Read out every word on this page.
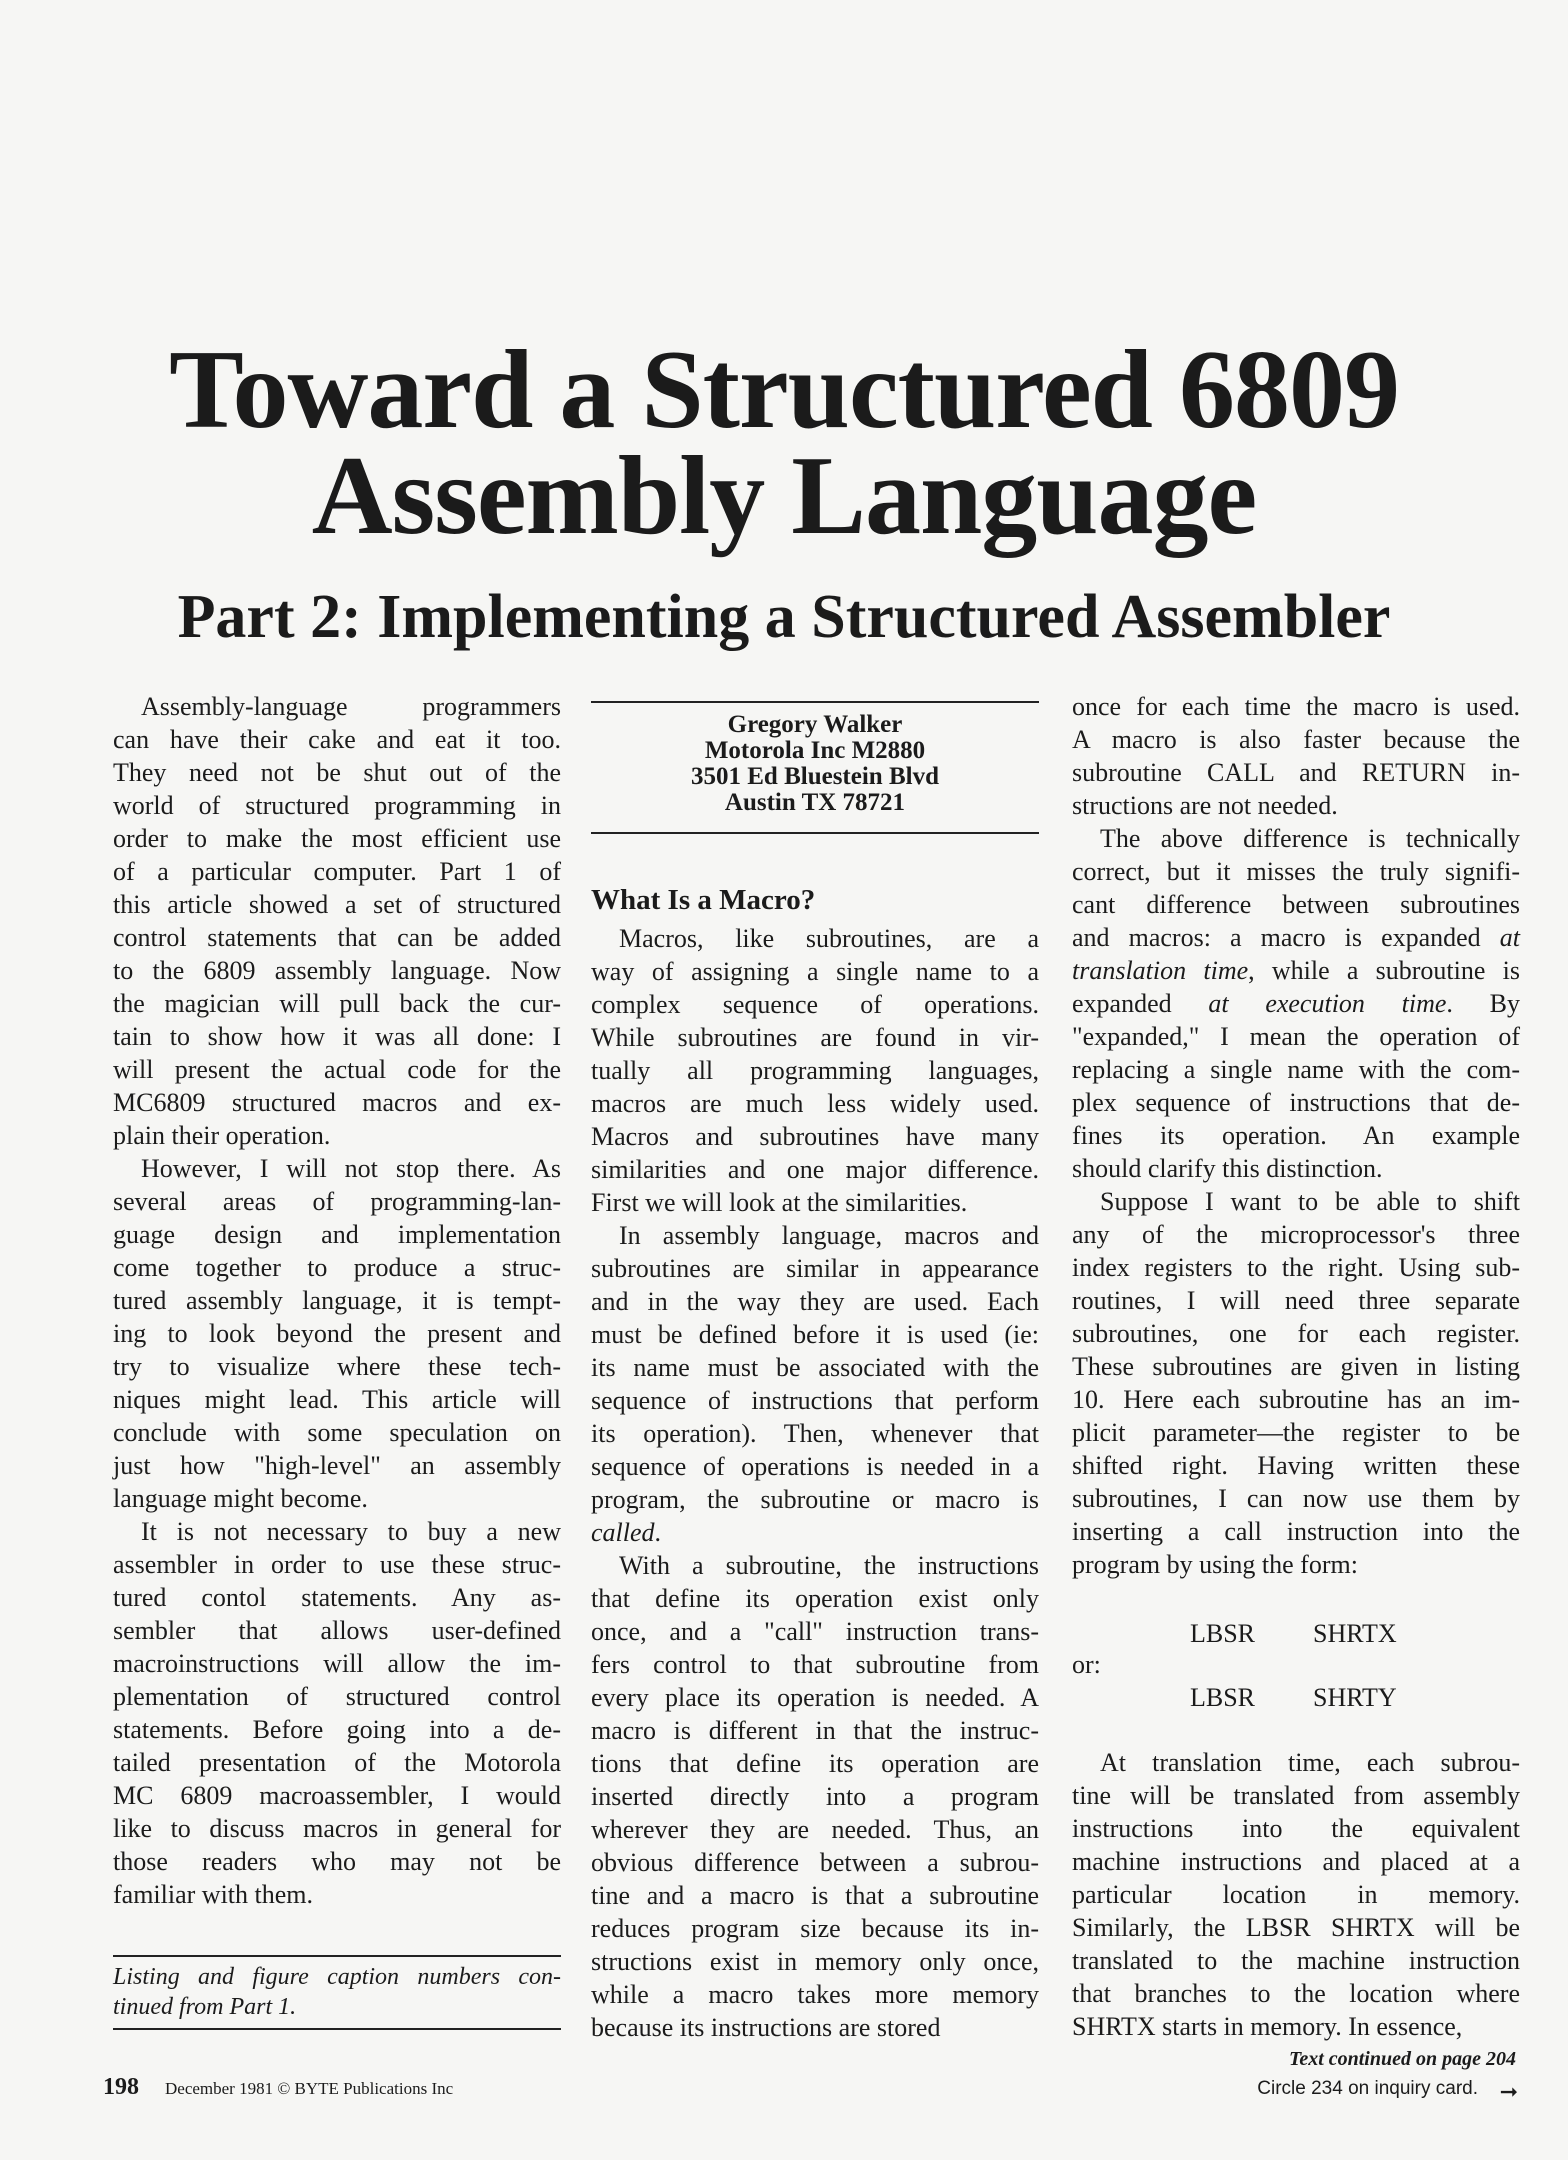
Toward a Structured 6809
Assembly Language
Part 2: Implementing a Structured Assembler
Assembly-language programmers
can have their cake and eat it too.
They need not be shut out of the
world of structured programming in
order to make the most efficient use
of a particular computer. Part 1 of
this article showed a set of structured
control statements that can be added
to the 6809 assembly language. Now
the magician will pull back the cur-
tain to show how it was all done: I
will present the actual code for the
MC6809 structured macros and ex-
plain their operation.
However, I will not stop there. As
several areas of programming-lan-
guage design and implementation
come together to produce a struc-
tured assembly language, it is tempt-
ing to look beyond the present and
try to visualize where these tech-
niques might lead. This article will
conclude with some speculation on
just how "high-level" an assembly
language might become.
It is not necessary to buy a new
assembler in order to use these struc-
tured contol statements. Any as-
sembler that allows user-defined
macroinstructions will allow the im-
plementation of structured control
statements. Before going into a de-
tailed presentation of the Motorola
MC 6809 macroassembler, I would
like to discuss macros in general for
those readers who may not be
familiar with them.
Gregory Walker
Motorola Inc M2880
3501 Ed Bluestein Blvd
Austin TX 78721
What Is a Macro?
Macros, like subroutines, are a
way of assigning a single name to a
complex sequence of operations.
While subroutines are found in vir-
tually all programming languages,
macros are much less widely used.
Macros and subroutines have many
similarities and one major difference.
First we will look at the similarities.
In assembly language, macros and
subroutines are similar in appearance
and in the way they are used. Each
must be defined before it is used (ie:
its name must be associated with the
sequence of instructions that perform
its operation). Then, whenever that
sequence of operations is needed in a
program, the subroutine or macro is
called.
With a subroutine, the instructions
that define its operation exist only
once, and a "call" instruction trans-
fers control to that subroutine from
every place its operation is needed. A
macro is different in that the instruc-
tions that define its operation are
inserted directly into a program
wherever they are needed. Thus, an
obvious difference between a subrou-
tine and a macro is that a subroutine
reduces program size because its in-
structions exist in memory only once,
while a macro takes more memory
because its instructions are stored
once for each time the macro is used.
A macro is also faster because the
subroutine CALL and RETURN in-
structions are not needed.
The above difference is technically
correct, but it misses the truly signifi-
cant difference between subroutines
and macros: a macro is expanded at
translation time, while a subroutine is
expanded at execution time. By
"expanded," I mean the operation of
replacing a single name with the com-
plex sequence of instructions that de-
fines its operation. An example
should clarify this distinction.
Suppose I want to be able to shift
any of the microprocessor's three
index registers to the right. Using sub-
routines, I will need three separate
subroutines, one for each register.
These subroutines are given in listing
10. Here each subroutine has an im-
plicit parameter—the register to be
shifted right. Having written these
subroutines, I can now use them by
inserting a call instruction into the
program by using the form:
LBSR SHRTX
or:
LBSR SHRTY
At translation time, each subrou-
tine will be translated from assembly
instructions into the equivalent
machine instructions and placed at a
particular location in memory.
Similarly, the LBSR SHRTX will be
translated to the machine instruction
that branches to the location where
SHRTX starts in memory. In essence,
Listing and figure caption numbers con-
tinued from Part 1.
198 December 1981 © BYTE Publications Inc
Text continued on page 204
Circle 234 on inquiry card. ➞
